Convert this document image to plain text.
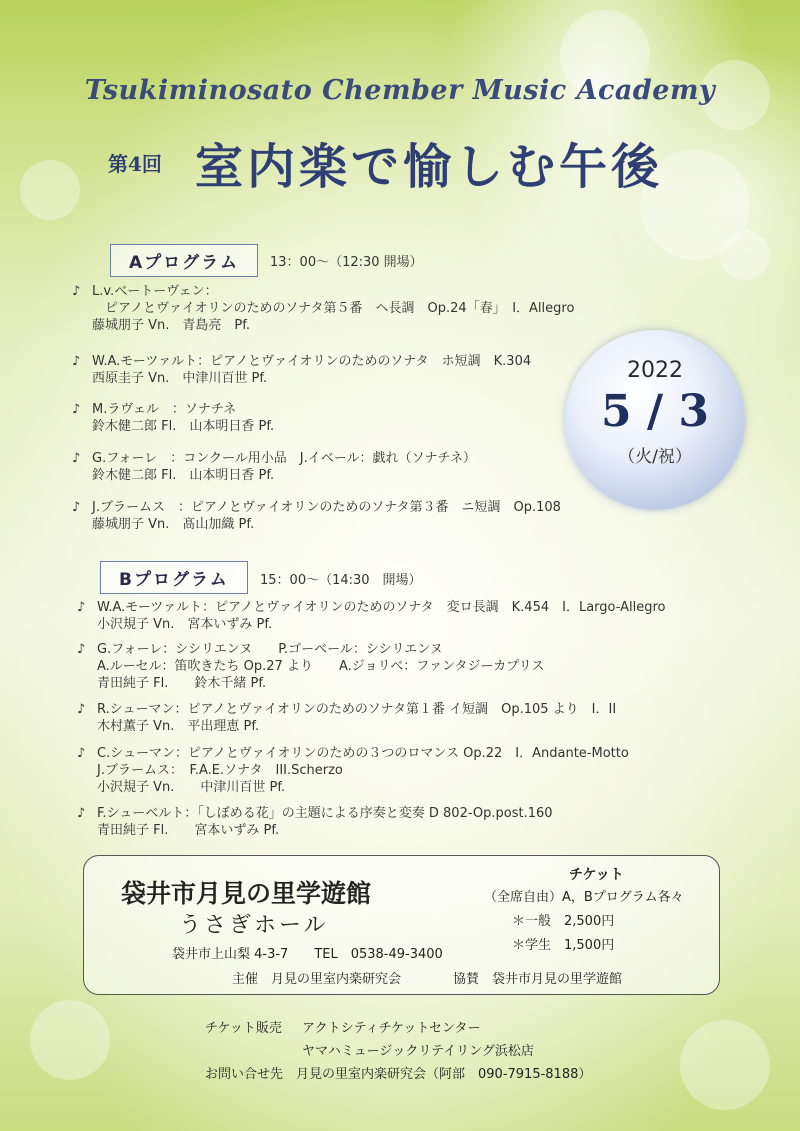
Tsukiminosato Chember Music Academy
第4回 室内楽で愉しむ午後
Aプログラム	13：00～（12:30 開場）
♪ L.v.ベートーヴェン：
　ピアノとヴァイオリンのためのソナタ第５番　ヘ長調　Op.24「春」　I．Allegro
藤城朋子 Vn.　青島亮　Pf.
♪ W.A.モーツァルト：ピアノとヴァイオリンのためのソナタ　ホ短調　K.304
西原圭子 Vn.　中津川百世 Pf.
♪ M.ラヴェル　：ソナチネ
鈴木健二郎 Fl.　山本明日香 Pf.
♪ G.フォーレ　：コンクール用小品　J.イベール：戯れ（ソナチネ）
鈴木健二郎 Fl.　山本明日香 Pf.
♪ J.ブラームス　：ピアノとヴァイオリンのためのソナタ第３番　ニ短調　Op.108
藤城朋子 Vn.　髙山加織 Pf.
2022
5 / 3
（火/祝）
Bプログラム	15：00～（14:30　開場）
♪ W.A.モーツァルト：ピアノとヴァイオリンのためのソナタ　変ロ長調　K.454　I．Largo-Allegro
小沢規子 Vn.　宮本いずみ Pf.
♪ G.フォーレ：シシリエンヌ　　P.ゴーベール：シシリエンヌ
A.ルーセル：笛吹きたち Op.27 より　　A.ジョリベ：ファンタジーカプリス
青田純子 Fl.　　鈴木千緒 Pf.
♪ R.シューマン：ピアノとヴァイオリンのためのソナタ第１番 イ短調　Op.105 より　I．II
木村薫子 Vn.　平出理恵 Pf.
♪ C.シューマン：ピアノとヴァイオリンのための３つのロマンス Op.22　I．Andante-Motto
J.ブラームス：　F.A.E.ソナタ　III.Scherzo
小沢規子 Vn.　　中津川百世 Pf.
♪ F.シューベルト：「しぼめる花」の主題による序奏と変奏 D 802-Op.post.160
青田純子 Fl.　　宮本いずみ Pf.
袋井市月見の里学遊館
うさぎホール
袋井市上山梨 4-3-7　　TEL　0538-49-3400
主催　月見の里室内楽研究会　　　　協賛　袋井市月見の里学遊館
チケット
（全席自由）A，Bプログラム各々
＊一般　2,500円
＊学生　1,500円
チケット販売 アクトシティチケットセンター
ヤマハミュージックリテイリング浜松店
お問い合せ先　月見の里室内楽研究会（阿部　090-7915-8188）
